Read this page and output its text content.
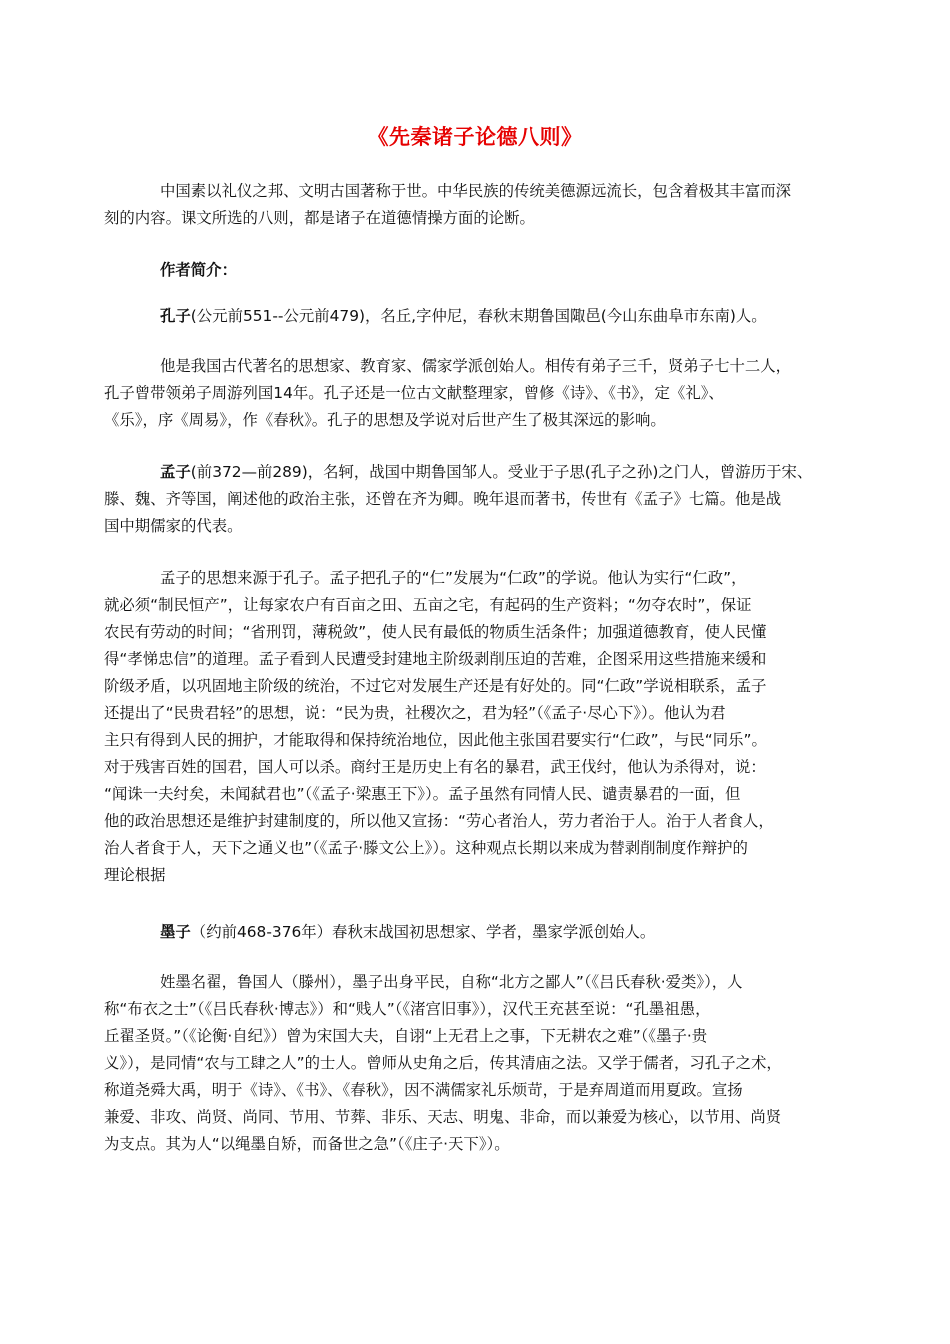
《先秦诸子论德八则》
中国素以礼仪之邦、文明古国著称于世。中华民族的传统美德源远流长，包含着极其丰富而深
刻的内容。课文所选的八则，都是诸子在道德情操方面的论断。
作者简介：
孔子(公元前551--公元前479)，名丘,字仲尼，春秋末期鲁国陬邑(今山东曲阜市东南)人。
他是我国古代著名的思想家、教育家、儒家学派创始人。相传有弟子三千，贤弟子七十二人，
孔子曾带领弟子周游列国14年。孔子还是一位古文献整理家，曾修《诗》、《书》，定《礼》、
《乐》，序《周易》，作《春秋》。孔子的思想及学说对后世产生了极其深远的影响。
孟子(前372—前289)，名轲，战国中期鲁国邹人。受业于子思(孔子之孙)之门人，曾游历于宋、
滕、魏、齐等国，阐述他的政治主张，还曾在齐为卿。晚年退而著书，传世有《孟子》七篇。他是战
国中期儒家的代表。
孟子的思想来源于孔子。孟子把孔子的“仁”发展为“仁政”的学说。他认为实行“仁政”，
就必须“制民恒产”，让每家农户有百亩之田、五亩之宅，有起码的生产资料；“勿夺农时”，保证
农民有劳动的时间；“省刑罚，薄税敛”，使人民有最低的物质生活条件；加强道德教育，使人民懂
得“孝悌忠信”的道理。孟子看到人民遭受封建地主阶级剥削压迫的苦难，企图采用这些措施来缓和
阶级矛盾，以巩固地主阶级的统治，不过它对发展生产还是有好处的。同“仁政”学说相联系，孟子
还提出了“民贵君轻”的思想，说：“民为贵，社稷次之，君为轻”（《孟子·尽心下》）。他认为君
主只有得到人民的拥护，才能取得和保持统治地位，因此他主张国君要实行“仁政”，与民“同乐”。
对于残害百姓的国君，国人可以杀。商纣王是历史上有名的暴君，武王伐纣，他认为杀得对，说：
“闻诛一夫纣矣，未闻弑君也”（《孟子·梁惠王下》）。孟子虽然有同情人民、谴责暴君的一面，但
他的政治思想还是维护封建制度的，所以他又宣扬：“劳心者治人，劳力者治于人。治于人者食人，
治人者食于人，天下之通义也”（《孟子·滕文公上》）。这种观点长期以来成为替剥削制度作辩护的
理论根据
墨子（约前468-376年）春秋末战国初思想家、学者，墨家学派创始人。
姓墨名翟，鲁国人（滕州），墨子出身平民，自称“北方之鄙人”（《吕氏春秋·爱类》），人
称“布衣之士”（《吕氏春秋·博志》）和“贱人”（《渚宫旧事》），汉代王充甚至说：“孔墨祖愚，
丘翟圣贤。”（《论衡·自纪》）曾为宋国大夫，自诩“上无君上之事，下无耕农之难”（《墨子·贵
义》），是同情“农与工肆之人”的士人。曾师从史角之后，传其清庙之法。又学于儒者，习孔子之术，
称道尧舜大禹，明于《诗》、《书》、《春秋》，因不满儒家礼乐烦苛，于是弃周道而用夏政。宣扬
兼爱、非攻、尚贤、尚同、节用、节葬、非乐、天志、明鬼、非命，而以兼爱为核心，以节用、尚贤
为支点。其为人“以绳墨自矫，而备世之急”（《庄子·天下》）。
